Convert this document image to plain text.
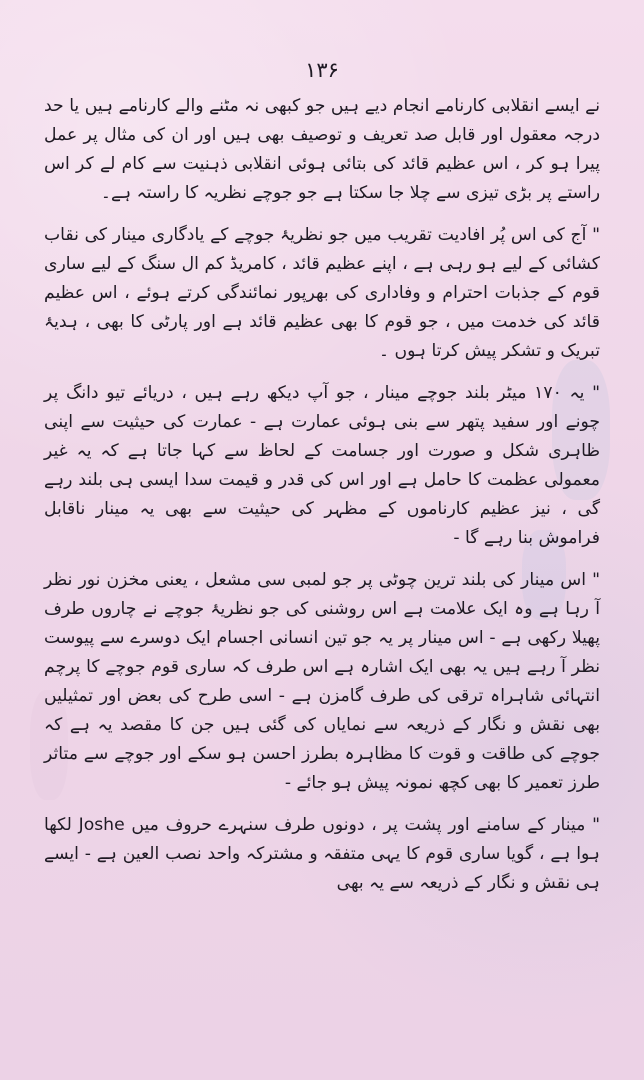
۱۳۶

نے ایسے انقلابی کارنامے انجام دیے ہیں جو کبھی نہ مٹنے والے کارنامے ہیں یا حد درجہ معقول اور قابل صد تعریف و توصیف بھی ہیں اور ان کی مثال پر عمل پیرا ہو کر ، اس عظیم قائد کی بتائی ہوئی انقلابی ذہنیت سے کام لے کر اس راستے پر بڑی تیزی سے چلا جا سکتا ہے جو جوچے نظریہ کا راستہ ہے۔

" آج کی اس پُر افادیت تقریب میں جو نظریۂ جوچے کے یادگاری مینار کی نقاب کشائی کے لیے ہو رہی ہے ، اپنے عظیم قائد ، کامریڈ کم ال سنگ کے لیے ساری قوم کے جذبات احترام و وفاداری کی بھرپور نمائندگی کرتے ہوئے ، اس عظیم قائد کی خدمت میں ، جو قوم کا بھی عظیم قائد ہے اور پارٹی کا بھی ، ہدیۂ تبریک و تشکر پیش کرتا ہوں ۔

" یہ ۱۷۰ میٹر بلند جوچے مینار ، جو آپ دیکھ رہے ہیں ، دریائے تیو دانگ پر چونے اور سفید پتھر سے بنی ہوئی عمارت ہے - عمارت کی حیثیت سے اپنی ظاہری شکل و صورت اور جسامت کے لحاظ سے کہا جاتا ہے کہ یہ غیر معمولی عظمت کا حامل ہے اور اس کی قدر و قیمت سدا ایسی ہی بلند رہے گی ، نیز عظیم کارناموں کے مظہر کی حیثیت سے بھی یہ مینار ناقابل فراموش بنا رہے گا -

" اس مینار کی بلند ترین چوٹی پر جو لمبی سی مشعل ، یعنی مخزن نور نظر آ رہا ہے وہ ایک علامت ہے اس روشنی کی جو نظریۂ جوچے نے چاروں طرف پھیلا رکھی ہے - اس مینار پر یہ جو تین انسانی اجسام ایک دوسرے سے پیوست نظر آ رہے ہیں یہ بھی ایک اشارہ ہے اس طرف کہ ساری قوم جوچے کا پرچم انتہائی شاہراہ ترقی کی طرف گامزن ہے - اسی طرح کی بعض اور تمثیلیں بھی نقش و نگار کے ذریعہ سے نمایاں کی گئی ہیں جن کا مقصد یہ ہے کہ جوچے کی طاقت و قوت کا مظاہرہ بطرز احسن ہو سکے اور جوچے سے متاثر طرز تعمیر کا بھی کچھ نمونہ پیش ہو جائے -

" مینار کے سامنے اور پشت پر ، دونوں طرف سنہرے حروف میں Joshe لکھا ہوا ہے ، گویا ساری قوم کا یہی متفقہ و مشترکہ واحد نصب العین ہے - ایسے ہی نقش و نگار کے ذریعہ سے یہ بھی
